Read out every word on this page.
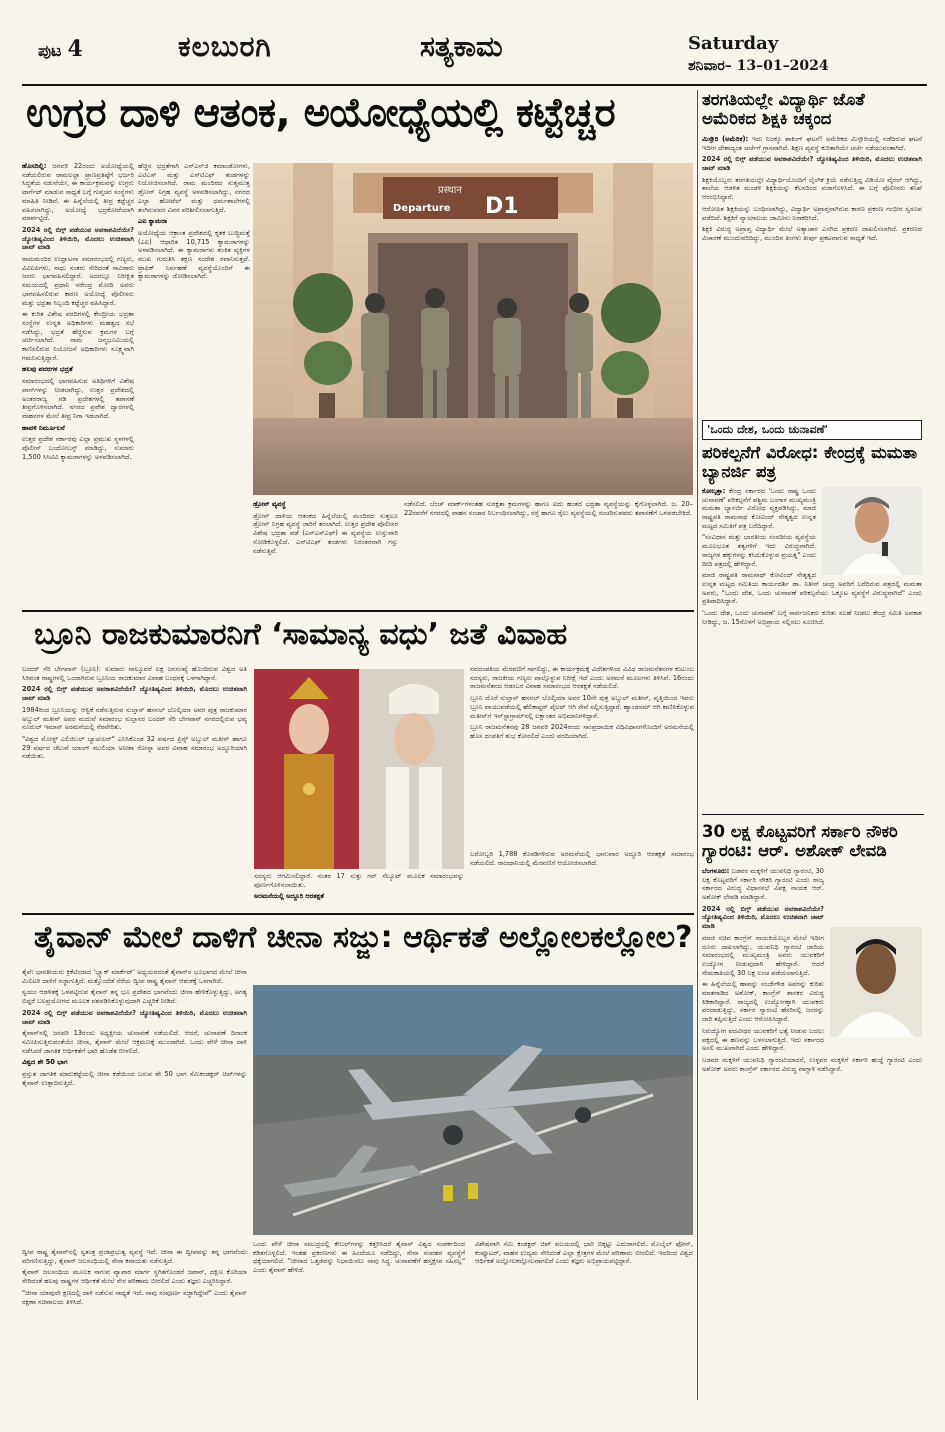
ಪುಟ 4	ಕಲಬುರಗಿ	ಸತ್ಯಕಾಮ	Saturday
ಶನಿವಾರ– 13–01–2024
ಉಗ್ರರ ದಾಳಿ ಆತಂಕ, ಅಯೋಧ್ಯೆಯಲ್ಲಿ ಕಟ್ಟೆಚ್ಚರ

ಹೊಸದಿಲ್ಲಿ: ಜನವರಿ 22ರಂದು ಅಯೋಧ್ಯೆಯಲ್ಲಿ ನಡೆಯಲಿರುವ ರಾಮಲಲ್ಲಾ ಪ್ರಾಣಪ್ರತಿಷ್ಠೆಗೆ ಭರ್ಜರಿ ಸಿದ್ಧತೆಯ ನಡುವೆಯೇ, ಈ ಕಾರ್ಯಕ್ರಮವನ್ನು ಉಗ್ರರು ಟಾರ್ಗೆಟ್ ಮಾಡುವ ಸಾಧ್ಯತೆ ಬಗ್ಗೆ ಗುಪ್ತಚರ ಸಂಸ್ಥೆಗಳು ಮಾಹಿತಿ ನೀಡಿವೆ. ಈ ಹಿನ್ನೆಲೆಯಲ್ಲಿ ತೀವ್ರ ಕಟ್ಟೆಚ್ಚರ ವಹಿಸಲಾಗಿದ್ದು, ಅಯೋಧ್ಯೆ ಭದ್ರಕೋಟೆಯಾಗಿ ಮಾರ್ಪಟ್ಟಿದೆ.

2024 ರಲ್ಲಿ ಬಿಗ್ಗ್ ಪಡೆಯುವ ಅವಕಾಶವಿದೆಯೇ? ಜ್ಯೋತಿಷ್ಯವಿಂದ ತಿಳಿಯಿರಿ, ಮೊದಲು ಉಚಿತವಾಗಿ ಚಾಟ್ ಮಾಡಿ

ರಾಮಮಂದಿರ ಉದ್ಘಾಟನಾ ಸಮಾರಂಭದಲ್ಲಿ ಗಣ್ಯರು, ವಿವಿಐಪಿಗಳು, ಸಾಧು ಸಂತರು ಸೇರಿದಂತೆ ಸಾವಿರಾರು ಜನರು ಭಾಗವಹಿಸಲಿದ್ದಾರೆ. ಅದರಲ್ಲೂ ನಿರೀಕ್ಷಿತ ಸಮಯದಲ್ಲಿ ಪ್ರಧಾನಿ ನರೇಂದ್ರ ಮೋದಿ ಅವರು ಭಾಗವಹಿಸಲಿರುವ ಕಾರಣ ಅಯೋಧ್ಯೆ ಪೊಲೀಸರು ಮತ್ತು ಭದ್ರತಾ ಸಿಬ್ಬಂದಿ ಕಟ್ಟೆಚ್ಚರ ವಹಿಸಿದ್ದಾರೆ.

ಈ ಕುರಿತ ವಿಶೇಷ ವರದಿಗಳಲ್ಲಿ ಕೇಂದ್ರೀಯ ಭದ್ರತಾ ಸಂಸ್ಥೆಗಳ ಉನ್ನತ ಅಧಿಕಾರಿಗಳು ಮಹತ್ವದ ಸಭೆ ನಡೆಸಿದ್ದು, ಭದ್ರತೆ ಹೆಚ್ಚಿಸುವ ಕ್ರಮಗಳ ಬಗ್ಗೆ ಚರ್ಚಿಸಲಾಗಿದೆ. ರಾಮ ಜನ್ಮಭೂಮಿಯಲ್ಲಿ ಕಾಣಿಸಲಿರುವ ನಿಯೋಜನೆ ಅಧಿಕಾರಿಗಳು ಸೂಕ್ಷ್ಮವಾಗಿ ಗಮನಿಸುತ್ತಿದ್ದಾರೆ.

ಹಲವು ಪದರಗಳ ಭದ್ರತೆ

ಸಮಾರಂಭದಲ್ಲಿ ಭಾಗವಹಿಸುವ ಅತಿಥಿಗಳಿಗೆ ವಿಶೇಷ ಪಾಸ್‌ಗಳನ್ನು ನೀಡಲಾಗಿದ್ದು, ಉತ್ತರ ಪ್ರದೇಶದಲ್ಲಿ ಅಂತರರಾಜ್ಯ ಗಡಿ ಪ್ರದೇಶಗಳಲ್ಲಿ ತಪಾಸಣೆ ತೀವ್ರಗೊಳಿಸಲಾಗಿದೆ. ನಗರದ ಪ್ರವೇಶ ದ್ವಾರಗಳಲ್ಲಿ ವಾಹನಗಳ ಮೇಲೆ ತೀವ್ರ ನಿಗಾ ಇಡಲಾಗಿದೆ.

ಹಾವಳಿ ನಿರ್ಮೂಲನೆ

ಉತ್ತರ ಪ್ರದೇಶ ಸರ್ಕಾರವು ಎಲ್ಲಾ ಪ್ರಮುಖ ಸ್ಥಳಗಳಲ್ಲಿ ಪೊಲೀಸ್ ಬಂದೋಬಸ್ತ್ ಮಾಡಿದ್ದು, ಸುಮಾರು 1,500 ಸಿಸಿಟಿವಿ ಕ್ಯಾಮರಾಗಳನ್ನು ಅಳವಡಿಸಲಾಗಿದೆ.

ಹೆಚ್ಚಿನ ಭದ್ರತೆಗಾಗಿ ಎನ್‌ಎಸ್‌ಜಿ ಕಮಾಂಡೋಗಳು, ಎಟಿಎಸ್ ಮತ್ತು ಎಸ್‌ಟಿಎಫ್ ತಂಡಗಳನ್ನು ನಿಯೋಜಿಸಲಾಗಿದೆ. ರಾಮ ಮಂದಿರದ ಸುತ್ತಮುತ್ತ ಡ್ರೋನ್ ನಿಗ್ರಹ ವ್ಯವಸ್ಥೆ ಅಳವಡಿಸಲಾಗಿದ್ದು, ನಗರದ ಎಲ್ಲಾ ಹೋಟೆಲ್ ಮತ್ತು ಧರ್ಮಶಾಲೆಗಳಲ್ಲಿ ತಂಗಿರುವವರ ವಿವರ ಪರಿಶೀಲಿಸಲಾಗುತ್ತಿದೆ.

ಎಐ ಕ್ಯಾಮರಾ

ಅಯೋಧ್ಯೆಯ ಆಕ್ರಾಂತ ಪ್ರದೇಶದಲ್ಲಿ ಕೃತಕ ಬುದ್ಧಿಮತ್ತೆ (ಎಐ) ಆಧಾರಿತ 10,715 ಕ್ಯಾಮರಾಗಳನ್ನು ಅಳವಡಿಸಲಾಗಿದೆ. ಈ ಕ್ಯಾಮರಾಗಳು ಶಂಕಿತ ವ್ಯಕ್ತಿಗಳ ಮುಖ ಗುರುತಿಸಿ ತಕ್ಷಣ ಸಂದೇಶ ರವಾನಿಸುತ್ತವೆ. ಟ್ರಾಫಿಕ್ ನಿರ್ವಹಣೆ ವ್ಯವಸ್ಥೆಯೊಂದಿಗೆ ಈ ಕ್ಯಾಮರಾಗಳನ್ನು ಜೋಡಿಸಲಾಗಿದೆ.

प्रस्थान
Departure D1

ಡ್ರೋನ್ ವ್ಯವಸ್ಥೆ

ಡ್ರೋನ್ ದಾಳಿಯ ಆತಂಕದ ಹಿನ್ನೆಲೆಯಲ್ಲಿ ಮಂದಿರದ ಸುತ್ತಲೂ ಡ್ರೋನ್ ನಿಗ್ರಹ ವ್ಯವಸ್ಥೆ ಜಾರಿಗೆ ತರಲಾಗಿದೆ. ಉತ್ತರ ಪ್ರದೇಶ ಪೊಲೀಸರ ವಿಶೇಷ ಭದ್ರತಾ ಪಡೆ (ಎಸ್‌ಎಸ್‌ಎಫ್) ಈ ವ್ಯವಸ್ಥೆಯ ಉಸ್ತುವಾರಿ ನೋಡಿಕೊಳ್ಳಲಿದೆ. ಎಸ್‌ಟಿಎಫ್ ತಂಡಗಳು ನಿರಂತರವಾಗಿ ಗಸ್ತು ನಡೆಸುತ್ತಿವೆ.

ನಡೆಸಲಿದೆ. ಬೆಂಚ್ ಮಾರ್ಕ್‌ಗಳಂತಹ ಸುರಕ್ಷತಾ ಕ್ರಮಗಳನ್ನು ಹಾಗೂ ಐದು ಹಂತದ ಭದ್ರತಾ ವ್ಯವಸ್ಥೆಯನ್ನು ಕೈಗೊಳ್ಳಲಾಗಿದೆ. ಜ. 20– 22ರವರೆಗೆ ನಗರದಲ್ಲಿ ವಾಹನ ಸಂಚಾರ ನಿರ್ಬಂಧಿಸಲಾಗಿದ್ದು, ರಸ್ತೆ ಹಾಗೂ ರೈಲು ವ್ಯವಸ್ಥೆಯಲ್ಲಿ ಸಂಚರಿಸುವವರು ತಪಾಸಣೆಗೆ ಒಳಪಡಬೇಕಿದೆ.

ಬ್ರೂನಿ ರಾಜಕುಮಾರನಿಗೆ ‘ಸಾಮಾನ್ಯ ವಧು’ ಜತೆ ವಿವಾಹ

ಬಂದರ್ ಸೆರಿ ಬೇಗವಾನ್ (ಬ್ರೂನಿ): ಸುಮಾರು ನಾಲ್ಕೂವರೆ ಲಕ್ಷ ಜನಸಂಖ್ಯೆ ಹೊಂದಿರುವ ವಿಶ್ವದ ಅತಿ ಸಿರಿವಂತ ರಾಷ್ಟ್ರಗಳಲ್ಲಿ ಒಂದಾಗಿರುವ ಬ್ರೂನಿಯ ರಾಜಕುಮಾರ ವಿವಾಹ ಬಂಧನಕ್ಕೆ ಒಳಗಾಗಿದ್ದಾರೆ.

2024 ರಲ್ಲಿ ಬಿಗ್ಗ್ ಪಡೆಯುವ ಅವಕಾಶವಿದೆಯೇ? ಜ್ಯೋತಿಷ್ಯವಿಂದ ತಿಳಿಯಿರಿ, ಮೊದಲು ಉಚಿತವಾಗಿ ಚಾಟ್ ಮಾಡಿ

1984ರಿಂದ ಬ್ರೂನಿಯನ್ನು ಆಳ್ವಿಕೆ ನಡೆಸುತ್ತಿರುವ ಸುಲ್ತಾನ್ ಹಸನಲ್ ಬೊಲ್ಕಿಯಾ ಅವರ ಪುತ್ರ ರಾಜಕುಮಾರ ಅಬ್ದುಲ್ ಮತೀನ್ ಅವರ ಮದುವೆ ಸಮಾರಂಭ ಸುಲ್ತಾನರ ಬಂದರ್ ಸೆರಿ ಬೇಗವಾನ್ ನಗರದಲ್ಲಿರುವ ಭವ್ಯ ನೂರುಲ್ ಇಮಾನ್ ಅರಮನೆಯಲ್ಲಿ ನೆರವೇರಿತು.

"ವಿಶ್ವದ ಮೋಸ್ಟ್ ಎಲಿಜಿಬಲ್ ಬ್ಯಾಚುಲರ್" ಎನಿಸಿಕೊಂಡ 32 ವರ್ಷದ ಪ್ರಿನ್ಸ್ ಅಬ್ದುಲ್ ಮತೀನ್ ಹಾಗೂ 29 ವರ್ಷದ ಚೆಲುವೆ ಯಾಂಗ್ ಮುಲಿಯಾ ಅನೀಶಾ ರೋಸ್ನಾ ಅವರ ವಿವಾಹ ಸಮಾರಂಭ ಅದ್ದೂರಿಯಾಗಿ ನಡೆಯಿತು.

ನವದಂಪತಿಯ ಮೆರವಣಿಗೆ ಸಾಗಲಿದ್ದು, ಈ ಕಾರ್ಯಕ್ರಮಕ್ಕೆ ವಿದೇಶಗಳಿಂದ ವಿವಿಧ ರಾಜಮನೆತನಗಳ ಕುಟುಂಬ ಸದಸ್ಯರು, ರಾಜಕೀಯ ಗಣ್ಯರು ಪಾಲ್ಗೊಳ್ಳುವ ನಿರೀಕ್ಷೆ ಇದೆ ಎಂದು ಅರಮನೆ ಮೂಲಗಳು ತಿಳಿಸಿವೆ. 16ರಂದು ರಾಜಮನೆತನದ ಆಡಂಬರ ವಿವಾಹ ಸಮಾರಂಭದ ಆರತಕ್ಷತೆ ನಡೆಯಲಿದೆ.

ಬ್ರೂನಿ ದೊರೆ ಸುಲ್ತಾನ್ ಹಸನಲ್ ಬೊಲ್ಕಿಯಾ ಅವರ 10ನೇ ಪುತ್ರ ಅಬ್ದುಲ್ ಮತೀನ್, ವೃತ್ತಿಯಿಂದ ಇವರು ಬ್ರೂನಿ ವಾಯುಪಡೆಯಲ್ಲಿ ಹೆಲಿಕಾಪ್ಟರ್ ಪೈಲಟ್ ಆಗಿ ಸೇವೆ ಸಲ್ಲಿಸುತ್ತಿದ್ದಾರೆ. ಹ್ಯಾಂಡಸಮ್ ಆಗಿ ಕಾಣಿಸಿಕೊಳ್ಳುವ ಮತೀನ್‌ಗೆ ಇನ್‌ಸ್ಟಾಗ್ರಾಮ್‌ನಲ್ಲಿ ಲಕ್ಷಾಂತರ ಅಭಿಮಾನಿಗಳಿದ್ದಾರೆ.

ಬ್ರೂನಿ ರಾಜಮನೆತನವು 28 ಜನವರಿ 2024ರಂದು ಸಾಂಪ್ರದಾಯಿಕ ವಿಧಿವಿಧಾನಗಳೊಂದಿಗೆ ಅರಮನೆಯಲ್ಲಿ ಹೊಸ ದಂಪತಿಗೆ ಶುಭ ಕೋರಲಿದೆ ಎಂದು ವರದಿಯಾಗಿದೆ.

ಸದಸ್ಯರು ಆಗಮಿಸಲಿದ್ದಾರೆ. ನಂತರ 17 ಸುತ್ತು ಗನ್ ಸೆಲ್ಯೂಟ್ ಮೂಲಕ ಸಮಾರಂಭವನ್ನು ಪೂರ್ಣಗೊಳಿಸಲಾಯಿತು.

ಅರಮನೆಯಲ್ಲಿ ಅದ್ದೂರಿ ಆರತಕ್ಷತೆ

ಬರೋಬ್ಬರಿ 1,788 ಕೊಠಡಿಗಳಿರುವ ಅರಮನೆಯಲ್ಲಿ ಭಾನುವಾರ ಅದ್ದೂರಿ ಆರತಕ್ಷತೆ ಸಮಾರಂಭ ನಡೆಯಲಿದೆ. ರಾಜಧಾನಿಯಲ್ಲಿ ಮೆರವಣಿಗೆ ಆಯೋಜಿಸಲಾಗಿದೆ.

ತೈವಾನ್ ಮೇಲೆ ದಾಳಿಗೆ ಚೀನಾ ಸಜ್ಜು: ಆರ್ಥಿಕತೆ ಅಲ್ಲೋಲಕಲ್ಲೋಲ?

ತೈಪೆ: ಭಾರತೀಯರು ಕ್ರಿಕೆಟಿಂದಾದ 'ಬ್ಲ್ಯಾಕ್ ಮಾರ್ಕೆಟ್' ಅಧ್ಯಯನದಂತೆ ತೈವಾನ್‌ನ ಭೂಭಾಗದ ಮೇಲೆ ಚೀನಾ ಮಿಲಿಟರಿ ದಾಳಿಗೆ ಸಜ್ಜಾಗುತ್ತಿದೆ. ಮತ್ತೊಂದೆಡೆ ನೆರೆಯ ದ್ವೀಪ ರಾಷ್ಟ್ರ ತೈವಾನ್ ಆತಂಕಕ್ಕೆ ಒಳಗಾಗಿದೆ.

ಸ್ವಯಂ ಆಡಳಿತಕ್ಕೆ ಒಳಪಟ್ಟಿರುವ ತೈವಾನ್ ತನ್ನ ಭೂ ಪ್ರದೇಶದ ಭಾಗವೆಂದು ಚೀನಾ ಹೇಳಿಕೊಳ್ಳುತ್ತಿದ್ದು, ಅಗತ್ಯ ಬಿದ್ದರೆ ಬಲಪ್ರಯೋಗದ ಮೂಲಕ ವಶಪಡಿಸಿಕೊಳ್ಳುವುದಾಗಿ ಎಚ್ಚರಿಕೆ ನೀಡಿದೆ.

2024 ರಲ್ಲಿ ಬಿಗ್ಗ್ ಪಡೆಯುವ ಅವಕಾಶವಿದೆಯೇ? ಜ್ಯೋತಿಷ್ಯವಿಂದ ತಿಳಿಯಿರಿ, ಮೊದಲು ಉಚಿತವಾಗಿ ಚಾಟ್ ಮಾಡಿ

ತೈವಾನ್‌ನಲ್ಲಿ ಜನವರಿ 13ರಂದು ಅಧ್ಯಕ್ಷೀಯ ಚುನಾವಣೆ ನಡೆಯಲಿದೆ. ಆದರೆ, ಚುನಾವಣೆ ದಿನಾಂಕ ಸಮೀಪಿಸುತ್ತಿರುವಂತೆಯೇ ಚೀನಾ, ತೈವಾನ್ ಮೇಲೆ ಆಕ್ರಮಣಕ್ಕೆ ಮುಂದಾಗಿದೆ. ಒಂದು ವೇಳೆ ಚೀನಾ ದಾಳಿ ನಡೆಸಿದರೆ ಜಾಗತಿಕ ಆರ್ಥಿಕತೆಗೆ ಭಾರಿ ಹೊಡೆತ ಬೀಳಲಿದೆ.

ವಿಶ್ವದ ಶೇ 50 ಭಾಗ

ಪ್ರಸ್ತುತ ಜಾಗತಿಕ ಮಾರುಕಟ್ಟೆಯಲ್ಲಿ ಚೀನಾ ಕಡೆಯಿಂದ ಬರುವ ಶೇ 50 ಭಾಗ ಸೆಮಿಕಂಡಕ್ಟರ್ ಚಿಪ್‌ಗಳನ್ನು ತೈವಾನ್ ಉತ್ಪಾದಿಸುತ್ತಿದೆ.

ದ್ವೀಪ ರಾಷ್ಟ್ರ ತೈವಾನ್‌ನಲ್ಲಿ ಸ್ವತಂತ್ರ ಪ್ರಜಾಪ್ರಭುತ್ವ ವ್ಯವಸ್ಥೆ ಇದೆ. ಚೀನಾ ಈ ದ್ವೀಪವನ್ನು ತನ್ನ ಭಾಗವೆಂದು ಪರಿಗಣಿಸುತ್ತಿದ್ದು, ತೈವಾನ್ ಜಲಸಂಧಿಯಲ್ಲಿ ಸೇನಾ ಕವಾಯತು ನಡೆಸುತ್ತಿದೆ.

ತೈವಾನ್ ಜಲಸಂಧಿಯ ಮೂಲಕ ಸಾಗುವ ವ್ಯಾಪಾರ ಮಾರ್ಗ ಸ್ಥಗಿತಗೊಂಡರೆ ಜಪಾನ್, ದಕ್ಷಿಣ ಕೊರಿಯಾ ಸೇರಿದಂತೆ ಹಲವು ರಾಷ್ಟ್ರಗಳ ಆರ್ಥಿಕತೆ ಮೇಲೆ ನೇರ ಪರಿಣಾಮ ಬೀರಲಿದೆ ಎಂದು ತಜ್ಞರು ಎಚ್ಚರಿಸಿದ್ದಾರೆ.

"ಚೀನಾ ಯಾವುದೇ ಕ್ಷಣದಲ್ಲಿ ದಾಳಿ ನಡೆಸುವ ಸಾಧ್ಯತೆ ಇದೆ. ನಾವು ಸಂಪೂರ್ಣ ಸಜ್ಜಾಗಿದ್ದೇವೆ" ಎಂದು ತೈವಾನ್ ರಕ್ಷಣಾ ಸಚಿವಾಲಯ ತಿಳಿಸಿದೆ.

ಒಂದು ವೇಳೆ ಚೀನಾ ಸಮುದ್ರದಲ್ಲಿ ಕೇಬಲ್‌ಗಳನ್ನು ಕತ್ತರಿಸಿದರೆ ತೈವಾನ್ ವಿಶ್ವದ ಸಂಪರ್ಕದಿಂದ ಕಡಿತಗೊಳ್ಳಲಿದೆ. ಇಂತಹ ಪ್ರಕರಣಗಳು ಈ ಹಿಂದೆಯೂ ನಡೆದಿದ್ದು, ಸೇನಾ ಸಂವಹನ ವ್ಯವಸ್ಥೆಗೆ ಧಕ್ಕೆಯಾಗಲಿದೆ. "ಚೀನಾದ ಒತ್ತಡವನ್ನು ನಿಭಾಯಿಸಲು ನಾವು ಸಿದ್ಧ. ಚುನಾವಣೆಗೆ ಹಸ್ತಕ್ಷೇಪ ಸಹಿಸಲ್ಲ" ಎಂದು ತೈವಾನ್ ಹೇಳಿದೆ.

ವಿಶೇಷವಾಗಿ ಸೆಮಿ ಕಂಡಕ್ಟರ್ ಚಿಪ್ ವಲಯದಲ್ಲಿ ಭಾರಿ ಬಿಕ್ಕಟ್ಟು ಎದುರಾಗಲಿದೆ. ಮೊಬೈಲ್ ಫೋನ್, ಕಂಪ್ಯೂಟರ್, ವಾಹನ ಉದ್ಯಮ ಸೇರಿದಂತೆ ಎಲ್ಲಾ ಕ್ಷೇತ್ರಗಳ ಮೇಲೆ ಪರಿಣಾಮ ಬೀರಲಿದೆ. ಇದರಿಂದ ವಿಶ್ವದ ಆರ್ಥಿಕತೆ ಅಲ್ಲೋಲಕಲ್ಲೋಲವಾಗಲಿದೆ ಎಂದು ತಜ್ಞರು ಅಭಿಪ್ರಾಯಪಟ್ಟಿದ್ದಾರೆ.

ತರಗತಿಯಲ್ಲೇ ವಿದ್ಯಾರ್ಥಿ ಜೊತೆ ಅಮೆರಿಕದ ಶಿಕ್ಷಕಿ ಚಕ್ಕಂದ

ಮಿಸ್ಸೌರಿ (ಅಮೆರಿಕ): ಇದು ನಿಜಕ್ಕೂ ಶಾಕಿಂಗ್ ಘಟನೆ! ಅಮೆರಿಕದ ಮಿಸ್ಸೌರಿಯಲ್ಲಿ ನಡೆದಿರುವ ಘಟನೆ ಇದೀಗ ದೇಶಾದ್ಯಂತ ಚರ್ಚೆಗೆ ಗ್ರಾಸವಾಗಿದೆ. ಶಿಕ್ಷಣ ವ್ಯವಸ್ಥೆ ಕುರಿತಾಗಿಯೇ ಚರ್ಚೆ ನಡೆಯುವಂತಾಗಿದೆ.

2024 ರಲ್ಲಿ ಬಿಗ್ಗ್ ಪಡೆಯುವ ಅವಕಾಶವಿದೆಯೇ? ಜ್ಯೋತಿಷ್ಯವಿಂದ ತಿಳಿಯಿರಿ, ಮೊದಲು ಉಚಿತವಾಗಿ ಚಾಟ್ ಮಾಡಿ

ಶಿಕ್ಷಕಿಯೊಬ್ಬರು ತರಗತಿಯಲ್ಲೇ ವಿದ್ಯಾರ್ಥಿಯೊಂದಿಗೆ ಲೈಂಗಿಕ ಕ್ರಿಯೆ ನಡೆಸುತ್ತಿದ್ದ ವಿಡಿಯೋ ವೈರಲ್ ಆಗಿದ್ದು, ಶಾಲೆಯ ಆಡಳಿತ ಮಂಡಳಿ ಶಿಕ್ಷಕಿಯನ್ನು ಕೆಲಸದಿಂದ ವಜಾಗೊಳಿಸಿದೆ. ಈ ಬಗ್ಗೆ ಪೊಲೀಸರು ತನಿಖೆ ಆರಂಭಿಸಿದ್ದಾರೆ.

ಆರೋಪಿತ ಶಿಕ್ಷಕಿಯನ್ನು ಬಂಧಿಸಲಾಗಿದ್ದು, ವಿದ್ಯಾರ್ಥಿ ಅಪ್ರಾಪ್ತನಾಗಿರುವ ಕಾರಣ ಪ್ರಕರಣ ಗಂಭೀರ ಸ್ವರೂಪ ಪಡೆದಿದೆ. ಶಿಕ್ಷಕಿಗೆ ನ್ಯಾಯಾಲಯ ಜಾಮೀನು ನಿರಾಕರಿಸಿದೆ.

ಶಿಕ್ಷಕಿ ವಿರುದ್ಧ ಅಪ್ರಾಪ್ತ ವಿದ್ಯಾರ್ಥಿ ಮೇಲೆ ಅತ್ಯಾಚಾರ ಎಸಗಿದ ಪ್ರಕರಣ ದಾಖಲಿಸಲಾಗಿದೆ. ಪ್ರಕರಣದ ವಿಚಾರಣೆ ಮುಂದುವರಿದಿದ್ದು, ಮುಂದಿನ ತಿಂಗಳು ತೀರ್ಪು ಪ್ರಕಟವಾಗುವ ಸಾಧ್ಯತೆ ಇದೆ.

'ಒಂದು ದೇಶ, ಒಂದು ಚುನಾವಣೆ'
ಪರಿಕಲ್ಪನೆಗೆ ವಿರೋಧ: ಕೇಂದ್ರಕ್ಕೆ ಮಮತಾ ಬ್ಯಾನರ್ಜಿ ಪತ್ರ

ಕೋಲ್ಕತ್ತಾ: ಕೇಂದ್ರ ಸರ್ಕಾರದ 'ಒಂದು ರಾಷ್ಟ್ರ ಒಂದು ಚುನಾವಣೆ' ಪರಿಕಲ್ಪನೆಗೆ ಪಶ್ಚಿಮ ಬಂಗಾಳ ಮುಖ್ಯಮಂತ್ರಿ ಮಮತಾ ಬ್ಯಾನರ್ಜಿ ವಿರೋಧ ವ್ಯಕ್ತಪಡಿಸಿದ್ದು, ಮಾಜಿ ರಾಷ್ಟ್ರಪತಿ ರಾಮನಾಥ ಕೋವಿಂದ್ ನೇತೃತ್ವದ ಉನ್ನತ ಮಟ್ಟದ ಸಮಿತಿಗೆ ಪತ್ರ ಬರೆದಿದ್ದಾರೆ.

"ಸಂವಿಧಾನ ಮತ್ತು ಭಾರತೀಯ ಸಂಸದೀಯ ವ್ಯವಸ್ಥೆಯ ಮೂಲಭೂತ ತತ್ವಗಳಿಗೆ ಇದು ವಿರುದ್ಧವಾಗಿದೆ. ರಾಜ್ಯಗಳ ಹಕ್ಕುಗಳನ್ನು ಕಸಿದುಕೊಳ್ಳುವ ಪ್ರಯತ್ನ" ಎಂದು ದೀದಿ ಪತ್ರದಲ್ಲಿ ಹೇಳಿದ್ದಾರೆ.

ಮಾಜಿ ರಾಷ್ಟ್ರಪತಿ ರಾಮನಾಥ್ ಕೋವಿಂದ್ ನೇತೃತ್ವದ ಉನ್ನತ ಮಟ್ಟದ ಸಮಿತಿಯ ಕಾರ್ಯದರ್ಶಿ ಡಾ. ನಿತೀನ್ ಚಂದ್ರ ಅವರಿಗೆ ಬರೆದಿರುವ ಪತ್ರದಲ್ಲಿ ಮಮತಾ ಅವರು, "ಒಂದು ದೇಶ, ಒಂದು ಚುನಾವಣೆ ಪರಿಕಲ್ಪನೆಯು ಒಕ್ಕೂಟ ವ್ಯವಸ್ಥೆಗೆ ವಿರುದ್ಧವಾಗಿದೆ" ಎಂದು ಪ್ರತಿಪಾದಿಸಿದ್ದಾರೆ.

'ಒಂದು ದೇಶ, ಒಂದು ಚುನಾವಣೆ' ಬಗ್ಗೆ ಸಾರ್ವಜನಿಕರು ಕುರಿತು ಸಲಹೆ ನೀಡಲು ಕೇಂದ್ರ ಸಮಿತಿ ಅವಕಾಶ ನೀಡಿದ್ದು, ಜ. 15ರೊಳಗೆ ಅಭಿಪ್ರಾಯ ಸಲ್ಲಿಸಲು ಸೂಚಿಸಿದೆ.

30 ಲಕ್ಷ ಕೊಟ್ಟವರಿಗೆ ಸರ್ಕಾರಿ ನೌಕರಿ ಗ್ಯಾರಂಟಿ: ಆರ್. ಅಶೋಕ್ ಲೇವಡಿ

ಬೆಂಗಳೂರು: ಬಡವರ ಮಕ್ಕಳಿಗೆ ಯುವನಿಧಿ ಗ್ಯಾರಂಟಿ, 30 ಲಕ್ಷ ಕೊಟ್ಟವರಿಗೆ ಸರ್ಕಾರಿ ನೌಕರಿ ಗ್ಯಾರಂಟಿ ಎಂದು ರಾಜ್ಯ ಸರ್ಕಾರದ ವಿರುದ್ಧ ವಿಧಾನಸಭೆ ವಿಪಕ್ಷ ನಾಯಕ ಆರ್. ಅಶೋಕ್ ಲೇವಡಿ ಮಾಡಿದ್ದಾರೆ.

2024 ರಲ್ಲಿ ಬಿಗ್ಗ್ ಪಡೆಯುವ ಅವಕಾಶವಿದೆಯೇ? ಜ್ಯೋತಿಷ್ಯವಿಂದ ತಿಳಿಯಿರಿ, ಮೊದಲು ಉಚಿತವಾಗಿ ಚಾಟ್ ಮಾಡಿ

ಮಾಜಿ ಸಚಿವ ಕಾಂಗ್ರೆಸ್ ನಾಯಕಿಯೊಬ್ಬರ ಮೇಲೆ ಇದೀಗ ದೂರು ದಾಖಲಾಗಿದ್ದು, ಯುವನಿಧಿ ಗ್ಯಾರಂಟಿ ಜಾರಿಯ ಸಮಾರಂಭದಲ್ಲಿ ಮುಖ್ಯಮಂತ್ರಿ ಅವರು ಯುವಕರಿಗೆ ಉದ್ಯೋಗ ನೀಡುವುದಾಗಿ ಹೇಳಿದ್ದಾರೆ. ಆದರೆ ನೇಮಕಾತಿಯಲ್ಲಿ 30 ಲಕ್ಷ ಲಂಚ ಪಡೆಯಲಾಗುತ್ತಿದೆ.

ಈ ಹಿನ್ನೆಲೆಯಲ್ಲಿ ಹಾವನ್ನು ನಂಜೇಗೌಡ ಅವರನ್ನು ಕುರಿತು ಮಾತನಾಡಿದ ಅಶೋಕ್, ಕಾಂಗ್ರೆಸ್ ಶಾಸಕರ ವಿರುದ್ಧ ಕಿಡಿಕಾರಿದ್ದಾರೆ. ರಾಜ್ಯದಲ್ಲಿ ಉದ್ಯೋಗಕ್ಕಾಗಿ ಯುವಕರು ಪರದಾಡುತ್ತಿದ್ದು, ಸರ್ಕಾರ ಗ್ಯಾರಂಟಿ ಹೆಸರಿನಲ್ಲಿ ಜನರನ್ನು ದಾರಿ ತಪ್ಪಿಸುತ್ತಿದೆ ಎಂದು ಆರೋಪಿಸಿದ್ದಾರೆ.

ನಿರುದ್ಯೋಗ ಪದವೀಧರ ಯುವಕರಿಗೆ ಭತ್ಯೆ ನೀಡುವ ಬದಲು ಪಕ್ಷದಲ್ಲಿ ಈ ಹಣವನ್ನು ಬಳಸಲಾಗುತ್ತಿದೆ. ಇದು ಸರ್ಕಾರದ ಅಸಲಿ ಮುಖವಾಗಿದೆ ಎಂದು ಹೇಳಿದ್ದಾರೆ.

ಬಡವರ ಮಕ್ಕಳಿಗೆ ಯುವನಿಧಿ ಗ್ಯಾರಂಟಿಯಾದರೆ, ಉಳ್ಳವರ ಮಕ್ಕಳಿಗೆ ಸರ್ಕಾರಿ ಹುದ್ದೆ ಗ್ಯಾರಂಟಿ ಎಂದು ಅಶೋಕ್ ಅವರು ಕಾಂಗ್ರೆಸ್ ಸರ್ಕಾರದ ವಿರುದ್ಧ ವಾಗ್ದಾಳಿ ನಡೆಸಿದ್ದಾರೆ.
